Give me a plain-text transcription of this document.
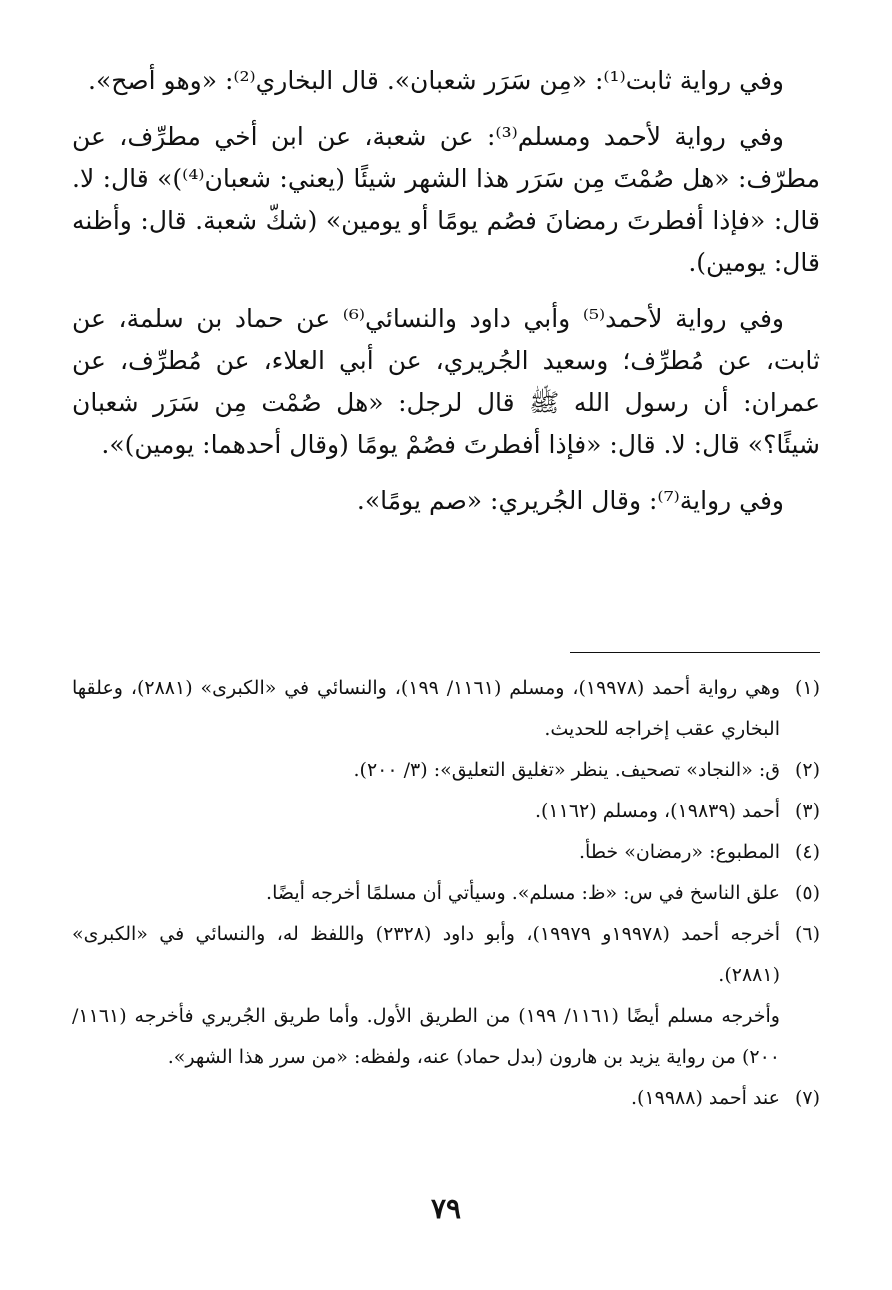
وفي رواية ثابت⁽¹⁾: «مِن سَرَر شعبان». قال البخاري⁽²⁾: «وهو أصح».

وفي رواية لأحمد ومسلم⁽³⁾: عن شعبة، عن ابن أخي مطرِّف، عن مطرّف: «هل صُمْتَ مِن سَرَر هذا الشهر شيئًا (يعني: شعبان⁽⁴⁾)» قال: لا. قال: «فإذا أفطرتَ رمضانَ فصُم يومًا أو يومين» (شكّ شعبة. قال: وأظنه قال: يومين).

وفي رواية لأحمد⁽⁵⁾ وأبي داود والنسائي⁽⁶⁾ عن حماد بن سلمة، عن ثابت، عن مُطرِّف؛ وسعيد الجُريري، عن أبي العلاء، عن مُطرِّف، عن عمران: أن رسول الله ﷺ قال لرجل: «هل صُمْت مِن سَرَر شعبان شيئًا؟» قال: لا. قال: «فإذا أفطرتَ فصُمْ يومًا (وقال أحدهما: يومين)».

وفي رواية⁽⁷⁾: وقال الجُريري: «صم يومًا».

(١)
وهي رواية أحمد (١٩٩٧٨)، ومسلم (١١٦١/ ١٩٩)، والنسائي في «الكبرى» (٢٨٨١)، وعلقها البخاري عقب إخراجه للحديث.
(٢)
ق: «النجاد» تصحيف. ينظر «تغليق التعليق»: (٣/ ٢٠٠).
(٣)
أحمد (١٩٨٣٩)، ومسلم (١١٦٢).
(٤)
المطبوع: «رمضان» خطأ.
(٥)
علق الناسخ في س: «ظ: مسلم». وسيأتي أن مسلمًا أخرجه أيضًا.
(٦)
أخرجه أحمد (١٩٩٧٨و ١٩٩٧٩)، وأبو داود (٢٣٢٨) واللفظ له، والنسائي في «الكبرى» (٢٨٨١).
وأخرجه مسلم أيضًا (١١٦١/ ١٩٩) من الطريق الأول. وأما طريق الجُريري فأخرجه (١١٦١/ ٢٠٠) من رواية يزيد بن هارون (بدل حماد) عنه، ولفظه: «من سرر هذا الشهر».
(٧)
عند أحمد (١٩٩٨٨).
٧٩
